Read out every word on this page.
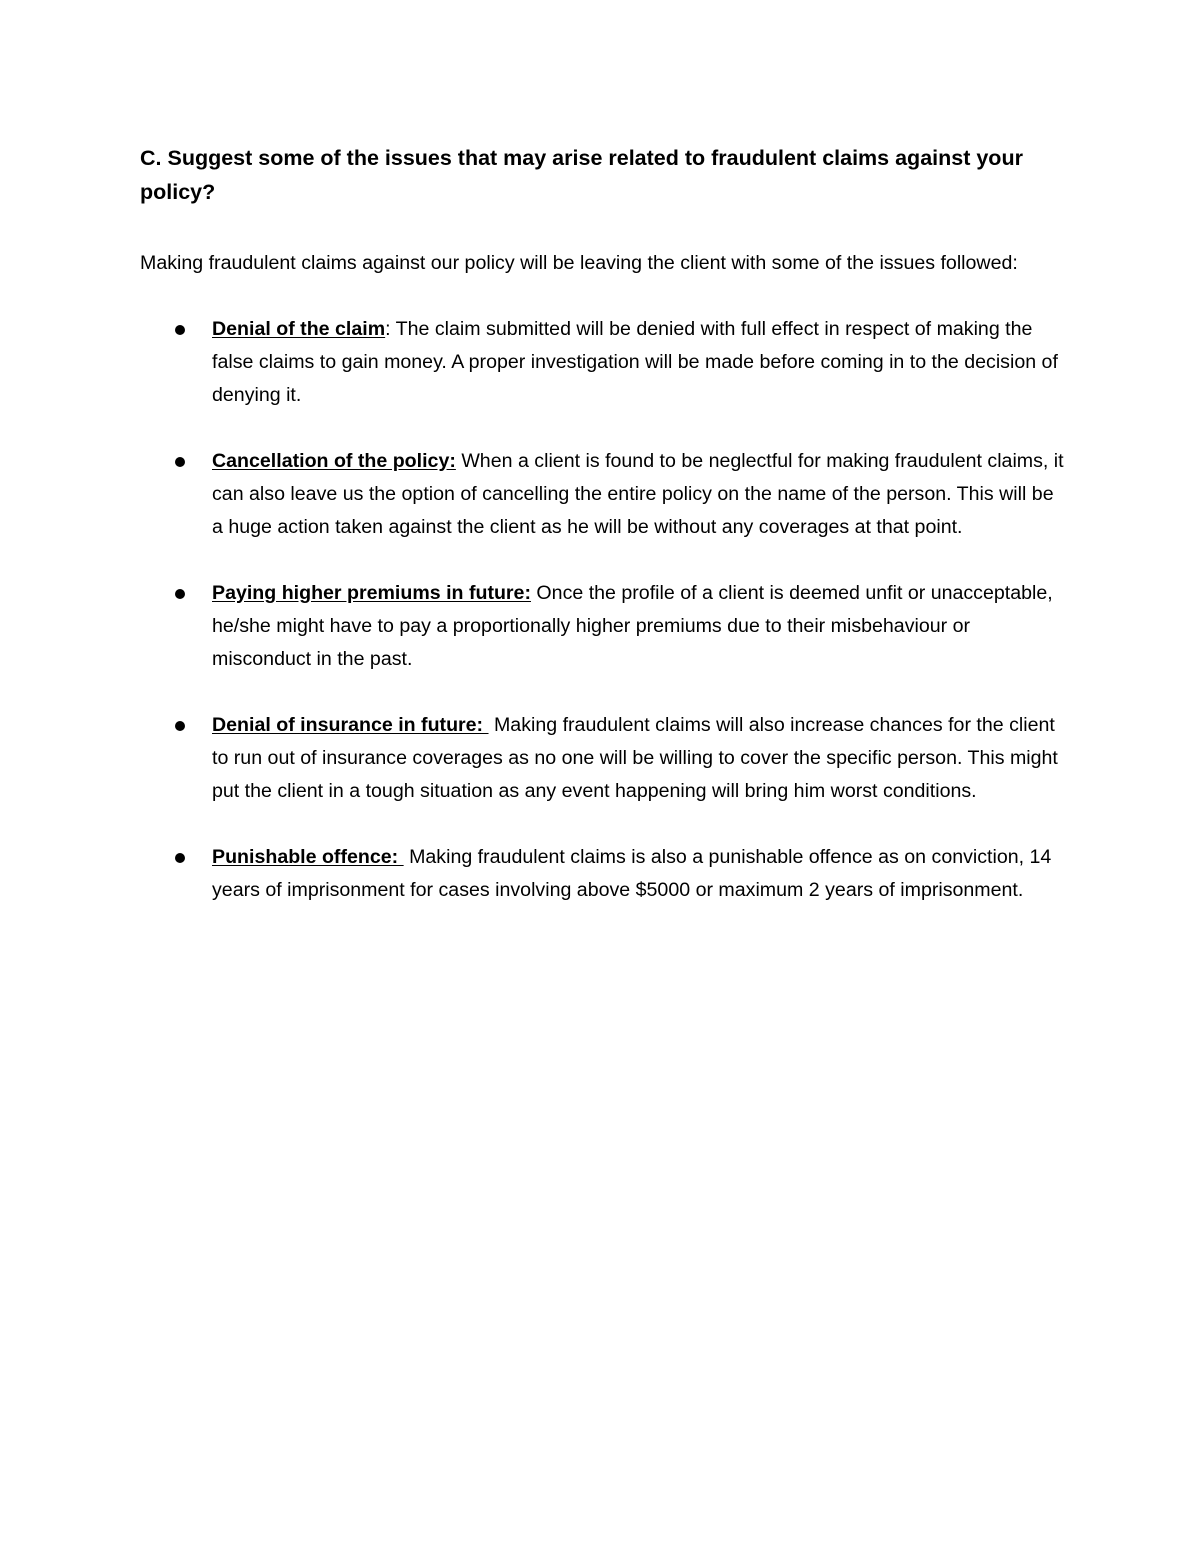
C. Suggest some of the issues that may arise related to fraudulent claims against your policy?

Making fraudulent claims against our policy will be leaving the client with some of the issues followed:

Denial of the claim: The claim submitted will be denied with full effect in respect of making the false claims to gain money. A proper investigation will be made before coming in to the decision of denying it.
Cancellation of the policy: When a client is found to be neglectful for making fraudulent claims, it can also leave us the option of cancelling the entire policy on the name of the person. This will be a huge action taken against the client as he will be without any coverages at that point.
Paying higher premiums in future: Once the profile of a client is deemed unfit or unacceptable, he/she might have to pay a proportionally higher premiums due to their misbehaviour or misconduct in the past.
Denial of insurance in future:  Making fraudulent claims will also increase chances for the client to run out of insurance coverages as no one will be willing to cover the specific person. This might put the client in a tough situation as any event happening will bring him worst conditions.
Punishable offence:  Making fraudulent claims is also a punishable offence as on conviction, 14 years of imprisonment for cases involving above $5000 or maximum 2 years of imprisonment.
